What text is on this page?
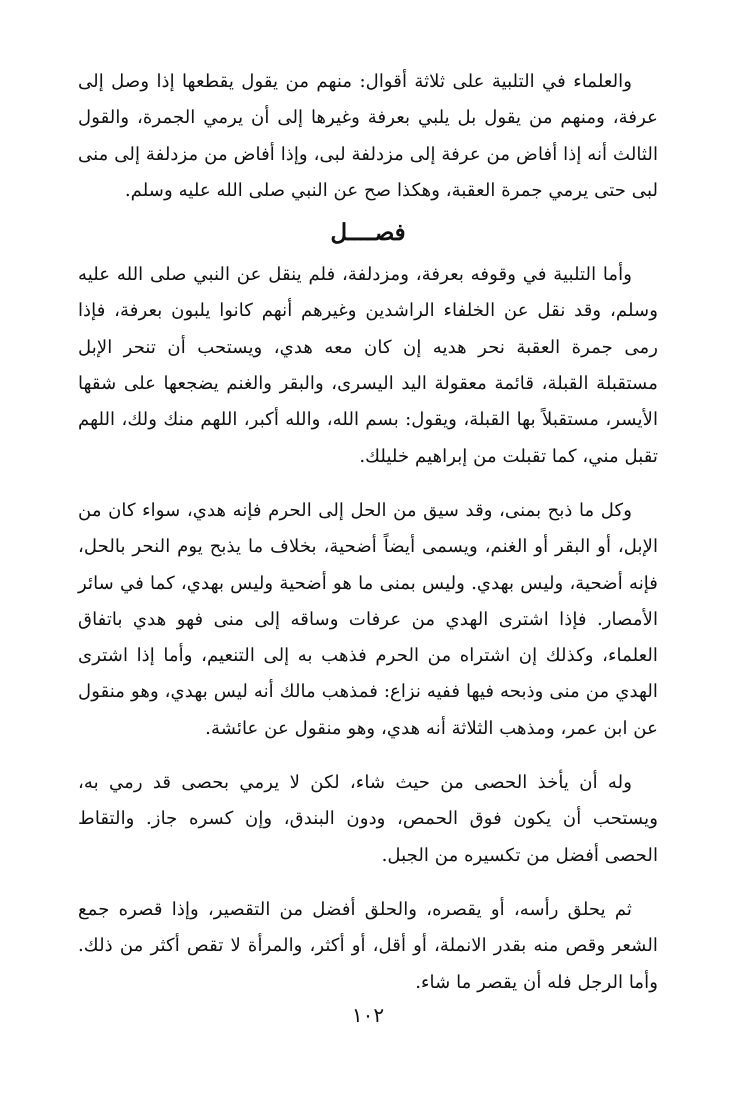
والعلماء في التلبية على ثلاثة أقوال: منهم من يقول يقطعها إذا وصل إلى عرفة، ومنهم من يقول بل يلبي بعرفة وغيرها إلى أن يرمي الجمرة، والقول الثالث أنه إذا أفاض من عرفة إلى مزدلفة لبى، وإذا أفاض من مزدلفة إلى منى لبى حتى يرمي جمرة العقبة، وهكذا صح عن النبي صلى الله عليه وسلم.

فصــــل

وأما التلبية في وقوفه بعرفة، ومزدلفة، فلم ينقل عن النبي صلى الله عليه وسلم، وقد نقل عن الخلفاء الراشدين وغيرهم أنهم كانوا يلبون بعرفة، فإذا رمى جمرة العقبة نحر هديه إن كان معه هدي، ويستحب أن تنحر الإبل مستقبلة القبلة، قائمة معقولة اليد اليسرى، والبقر والغنم يضجعها على شقها الأيسر، مستقبلاً بها القبلة، ويقول: بسم الله، والله أكبر، اللهم منك ولك، اللهم تقبل مني، كما تقبلت من إبراهيم خليلك.

وكل ما ذبح بمنى، وقد سيق من الحل إلى الحرم فإنه هدي، سواء كان من الإبل، أو البقر أو الغنم، ويسمى أيضاً أضحية، بخلاف ما يذبح يوم النحر بالحل، فإنه أضحية، وليس بهدي. وليس بمنى ما هو أضحية وليس بهدي، كما في سائر الأمصار. فإذا اشترى الهدي من عرفات وساقه إلى منى فهو هدي باتفاق العلماء، وكذلك إن اشتراه من الحرم فذهب به إلى التنعيم، وأما إذا اشترى الهدي من منى وذبحه فيها ففيه نزاع: فمذهب مالك أنه ليس بهدي، وهو منقول عن ابن عمر، ومذهب الثلاثة أنه هدي، وهو منقول عن عائشة.

وله أن يأخذ الحصى من حيث شاء، لكن لا يرمي بحصى قد رمي به، ويستحب أن يكون فوق الحمص، ودون البندق، وإن كسره جاز. والتقاط الحصى أفضل من تكسيره من الجبل.

ثم يحلق رأسه، أو يقصره، والحلق أفضل من التقصير، وإذا قصره جمع الشعر وقص منه بقدر الانملة، أو أقل، أو أكثر، والمرأة لا تقص أكثر من ذلك. وأما الرجل فله أن يقصر ما شاء.

١٠٢
